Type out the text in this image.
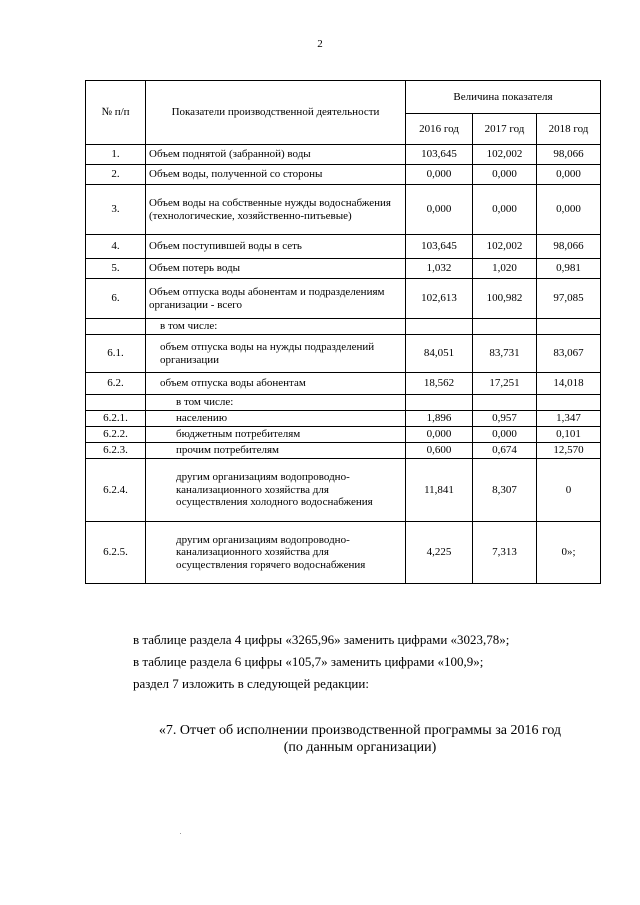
2
№ п/п	Показатели производственной деятельности	Величина показателя		
		2016 год	2017 год	2018 год
1.	Объем поднятой (забранной) воды	103,645	102,002	98,066
2.	Объем воды, полученной со стороны	0,000	0,000	0,000
3.	Объем воды на собственные нужды водоснабжения (технологические, хозяйственно-питьевые)	0,000	0,000	0,000
4.	Объем поступившей воды в сеть	103,645	102,002	98,066
5.	Объем потерь воды	1,032	1,020	0,981
6.	Объем отпуска воды абонентам и подразделениям организации - всего	102,613	100,982	97,085
	в том числе:			
6.1.	объем отпуска воды на нужды подразделений организации	84,051	83,731	83,067
6.2.	объем отпуска воды абонентам	18,562	17,251	14,018
	в том числе:			
6.2.1.	населению	1,896	0,957	1,347
6.2.2.	бюджетным потребителям	0,000	0,000	0,101
6.2.3.	прочим потребителям	0,600	0,674	12,570
6.2.4.	другим организациям водопроводно-канализационного хозяйства для осуществления холодного водоснабжения	11,841	8,307	0
6.2.5.	другим организациям водопроводно-канализационного хозяйства для осуществления горячего водоснабжения	4,225	7,313	0»;
в таблице раздела 4 цифры «3265,96» заменить цифрами «3023,78»;
в таблице раздела 6 цифры «105,7» заменить цифрами «100,9»;
раздел 7 изложить в следующей редакции:
«7. Отчет об исполнении производственной программы за 2016 год
(по данным организации)
